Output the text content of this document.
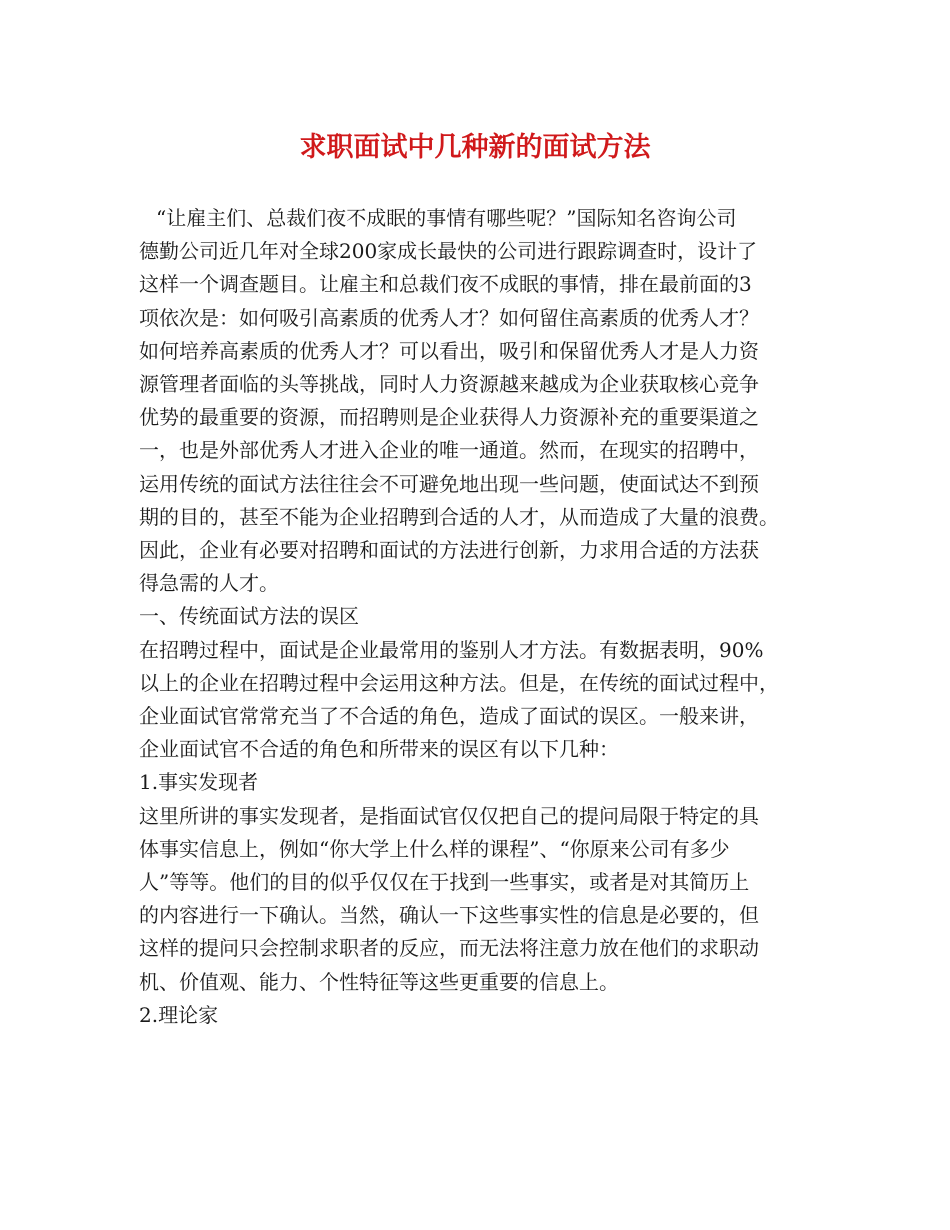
求职面试中几种新的面试方法

“让雇主们、总裁们夜不成眠的事情有哪些呢？”国际知名咨询公司

德勤公司近几年对全球200家成长最快的公司进行跟踪调查时，设计了

这样一个调查题目。让雇主和总裁们夜不成眠的事情，排在最前面的3

项依次是：如何吸引高素质的优秀人才？如何留住高素质的优秀人才？

如何培养高素质的优秀人才？可以看出，吸引和保留优秀人才是人力资

源管理者面临的头等挑战，同时人力资源越来越成为企业获取核心竞争

优势的最重要的资源，而招聘则是企业获得人力资源补充的重要渠道之

一，也是外部优秀人才进入企业的唯一通道。然而，在现实的招聘中，

运用传统的面试方法往往会不可避免地出现一些问题，使面试达不到预

期的目的，甚至不能为企业招聘到合适的人才，从而造成了大量的浪费。

因此，企业有必要对招聘和面试的方法进行创新，力求用合适的方法获

得急需的人才。

一、传统面试方法的误区

在招聘过程中，面试是企业最常用的鉴别人才方法。有数据表明，90%

以上的企业在招聘过程中会运用这种方法。但是，在传统的面试过程中，

企业面试官常常充当了不合适的角色，造成了面试的误区。一般来讲，

企业面试官不合适的角色和所带来的误区有以下几种：

1.事实发现者

这里所讲的事实发现者，是指面试官仅仅把自己的提问局限于特定的具

体事实信息上，例如“你大学上什么样的课程”、“你原来公司有多少

人”等等。他们的目的似乎仅仅在于找到一些事实，或者是对其简历上

的内容进行一下确认。当然，确认一下这些事实性的信息是必要的，但

这样的提问只会控制求职者的反应，而无法将注意力放在他们的求职动

机、价值观、能力、个性特征等这些更重要的信息上。

2.理论家
